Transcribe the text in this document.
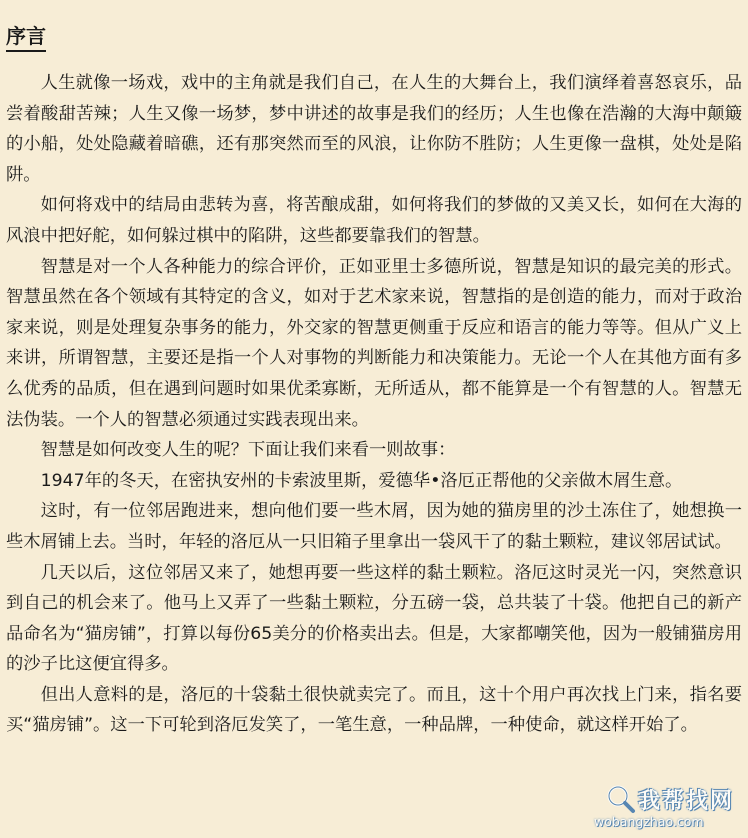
序言

人生就像一场戏，戏中的主角就是我们自己，在人生的大舞台上，我们演绎着喜怒哀乐，品尝着酸甜苦辣；人生又像一场梦，梦中讲述的故事是我们的经历；人生也像在浩瀚的大海中颠簸的小船，处处隐藏着暗礁，还有那突然而至的风浪，让你防不胜防；人生更像一盘棋，处处是陷阱。

如何将戏中的结局由悲转为喜，将苦酿成甜，如何将我们的梦做的又美又长，如何在大海的风浪中把好舵，如何躲过棋中的陷阱，这些都要靠我们的智慧。

智慧是对一个人各种能力的综合评价，正如亚里士多德所说，智慧是知识的最完美的形式。智慧虽然在各个领域有其特定的含义，如对于艺术家来说，智慧指的是创造的能力，而对于政治家来说，则是处理复杂事务的能力，外交家的智慧更侧重于反应和语言的能力等等。但从广义上来讲，所谓智慧，主要还是指一个人对事物的判断能力和决策能力。无论一个人在其他方面有多么优秀的品质，但在遇到问题时如果优柔寡断，无所适从，都不能算是一个有智慧的人。智慧无法伪装。一个人的智慧必须通过实践表现出来。

智慧是如何改变人生的呢？下面让我们来看一则故事：

1947年的冬天，在密执安州的卡索波里斯，爱德华•洛厄正帮他的父亲做木屑生意。

这时，有一位邻居跑进来，想向他们要一些木屑，因为她的猫房里的沙土冻住了，她想换一些木屑铺上去。当时，年轻的洛厄从一只旧箱子里拿出一袋风干了的黏土颗粒，建议邻居试试。

几天以后，这位邻居又来了，她想再要一些这样的黏土颗粒。洛厄这时灵光一闪，突然意识到自己的机会来了。他马上又弄了一些黏土颗粒，分五磅一袋，总共装了十袋。他把自己的新产品命名为“猫房铺”，打算以每份65美分的价格卖出去。但是，大家都嘲笑他，因为一般铺猫房用的沙子比这便宜得多。

但出人意料的是，洛厄的十袋黏土很快就卖完了。而且，这十个用户再次找上门来，指名要买“猫房铺”。这一下可轮到洛厄发笑了，一笔生意，一种品牌，一种使命，就这样开始了。

我帮找网
wobangzhao.com
